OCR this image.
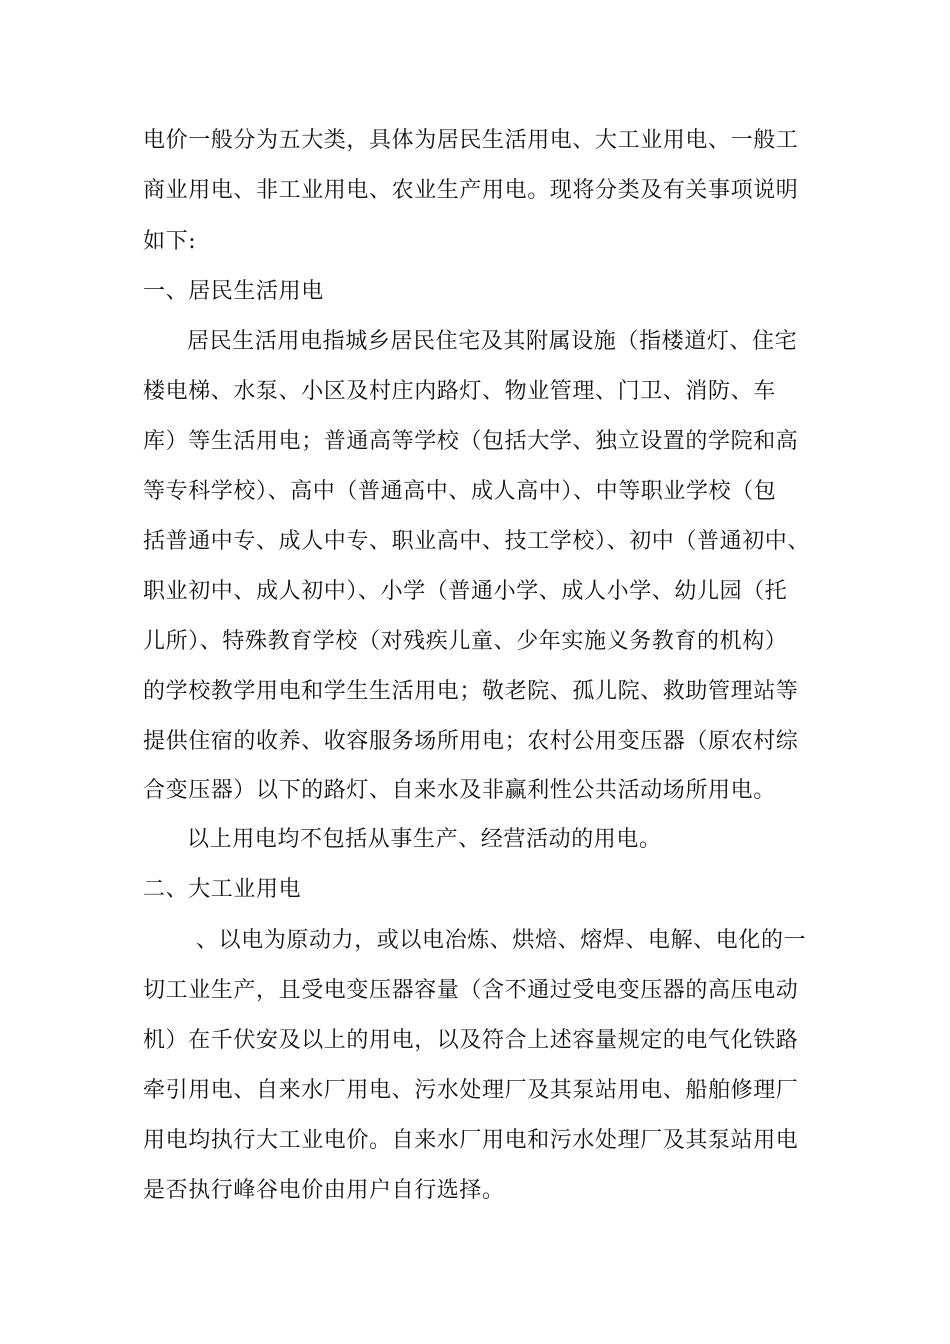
电价一般分为五大类，具体为居民生活用电、大工业用电、一般工
商业用电、非工业用电、农业生产用电。现将分类及有关事项说明
如下:
一、居民生活用电
居民生活用电指城乡居民住宅及其附属设施（指楼道灯、住宅
楼电梯、水泵、小区及村庄内路灯、物业管理、门卫、消防、车
库）等生活用电；普通高等学校（包括大学、独立设置的学院和高
等专科学校）、高中（普通高中、成人高中）、中等职业学校（包
括普通中专、成人中专、职业高中、技工学校）、初中（普通初中、
职业初中、成人初中）、小学（普通小学、成人小学、幼儿园（托
儿所）、特殊教育学校（对残疾儿童、少年实施义务教育的机构）
的学校教学用电和学生生活用电；敬老院、孤儿院、救助管理站等
提供住宿的收养、收容服务场所用电；农村公用变压器（原农村综
合变压器）以下的路灯、自来水及非赢利性公共活动场所用电。
以上用电均不包括从事生产、经营活动的用电。
二、大工业用电
、以电为原动力，或以电冶炼、烘焙、熔焊、电解、电化的一
切工业生产，且受电变压器容量（含不通过受电变压器的高压电动
机）在千伏安及以上的用电，以及符合上述容量规定的电气化铁路
牵引用电、自来水厂用电、污水处理厂及其泵站用电、船舶修理厂
用电均执行大工业电价。自来水厂用电和污水处理厂及其泵站用电
是否执行峰谷电价由用户自行选择。
